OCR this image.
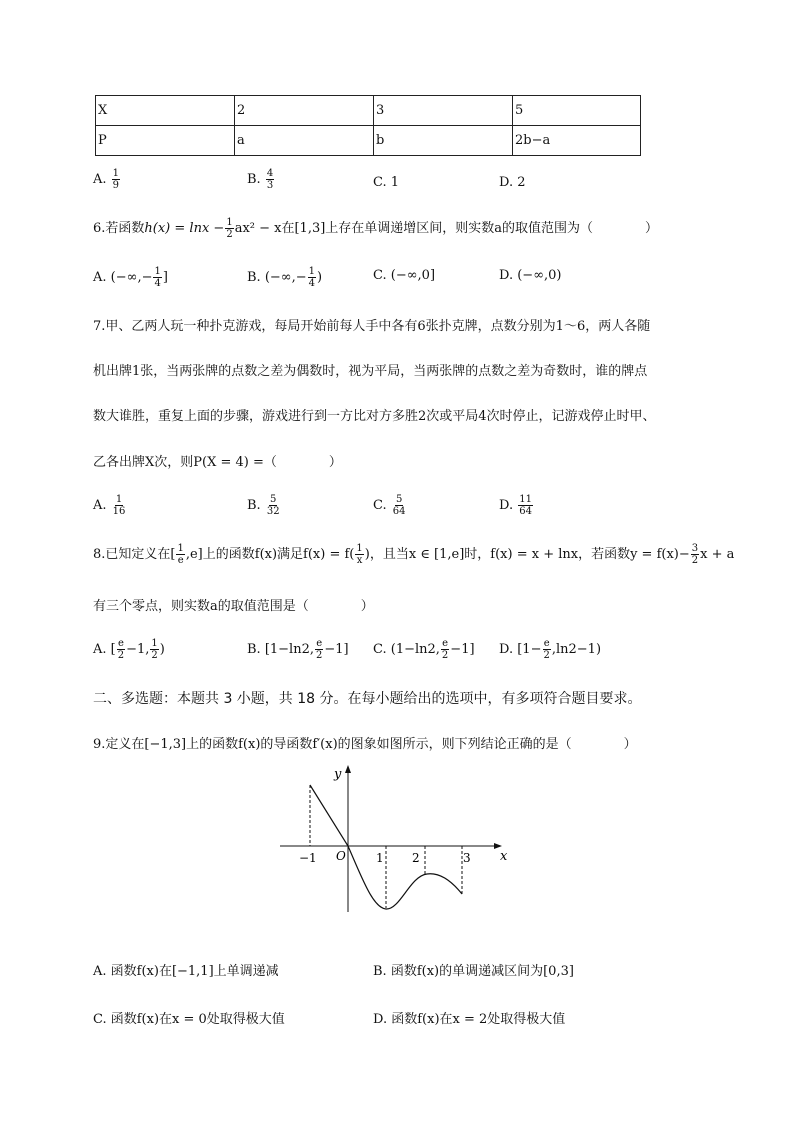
X	2	3	5
P	a	b	2b−a
A. $\frac{1}{9}$	B. $\frac{4}{3}$	C. 1	D. 2
6.若函数$h(x) = \ln x - \frac{1}{2} ax^2 - x$在[1,3]上存在单调递增区间，则实数a的取值范围为（	）
A. (−∞,− $\frac{1}{4}$ ]	B. (−∞,− $\frac{1}{4}$ )	C. (−∞,0]	D. (−∞,0)
7.甲、乙两人玩一种扑克游戏，每局开始前每人手中各有6张扑克牌，点数分别为1～6，两人各随
机出牌1张，当两张牌的点数之差为偶数时，视为平局，当两张牌的点数之差为奇数时，谁的牌点
数大谁胜，重复上面的步骤，游戏进行到一方比对方多胜2次或平局4次时停止，记游戏停止时甲、
乙各出牌X次，则P(X = 4) =（	）
A. $\frac{1}{16}$	B. $\frac{5}{32}$	C. $\frac{5}{64}$	D. $\frac{11}{64}$
8.已知定义在[ $\frac{1}{e} ,e$]上的函数f(x)满足$f(x) = f( \frac{1}{x}$ )，且当x ∈ [1,e]时，f(x) = x + lnx，若函数$y = f(x)- \frac{3}{2}$ x + a
有三个零点，则实数a的取值范围是（	）
A. [ $\frac{e}{2} -1$, $\frac{1}{2}$ )	B. [1−ln2, $\frac{e}{2} -1$] C. (1−ln2, $\frac{e}{2} -1$] D. $[1- \frac{e}{2} ,\ln 2-1)$
二、多选题：本题共 3 小题，共 18 分。在每小题给出的选项中，有多项符合题目要求。
9.定义在[−1,3]上的函数f(x)的导函数f′(x)的图象如图所示，则下列结论正确的是（	）
y
x
O
−1	1 2	3
A. 函数f(x)在[−1,1]上单调递减	B. 函数f(x)的单调递减区间为[0,3]
C. 函数f(x)在x = 0处取得极大值	D. 函数f(x)在x = 2处取得极大值
